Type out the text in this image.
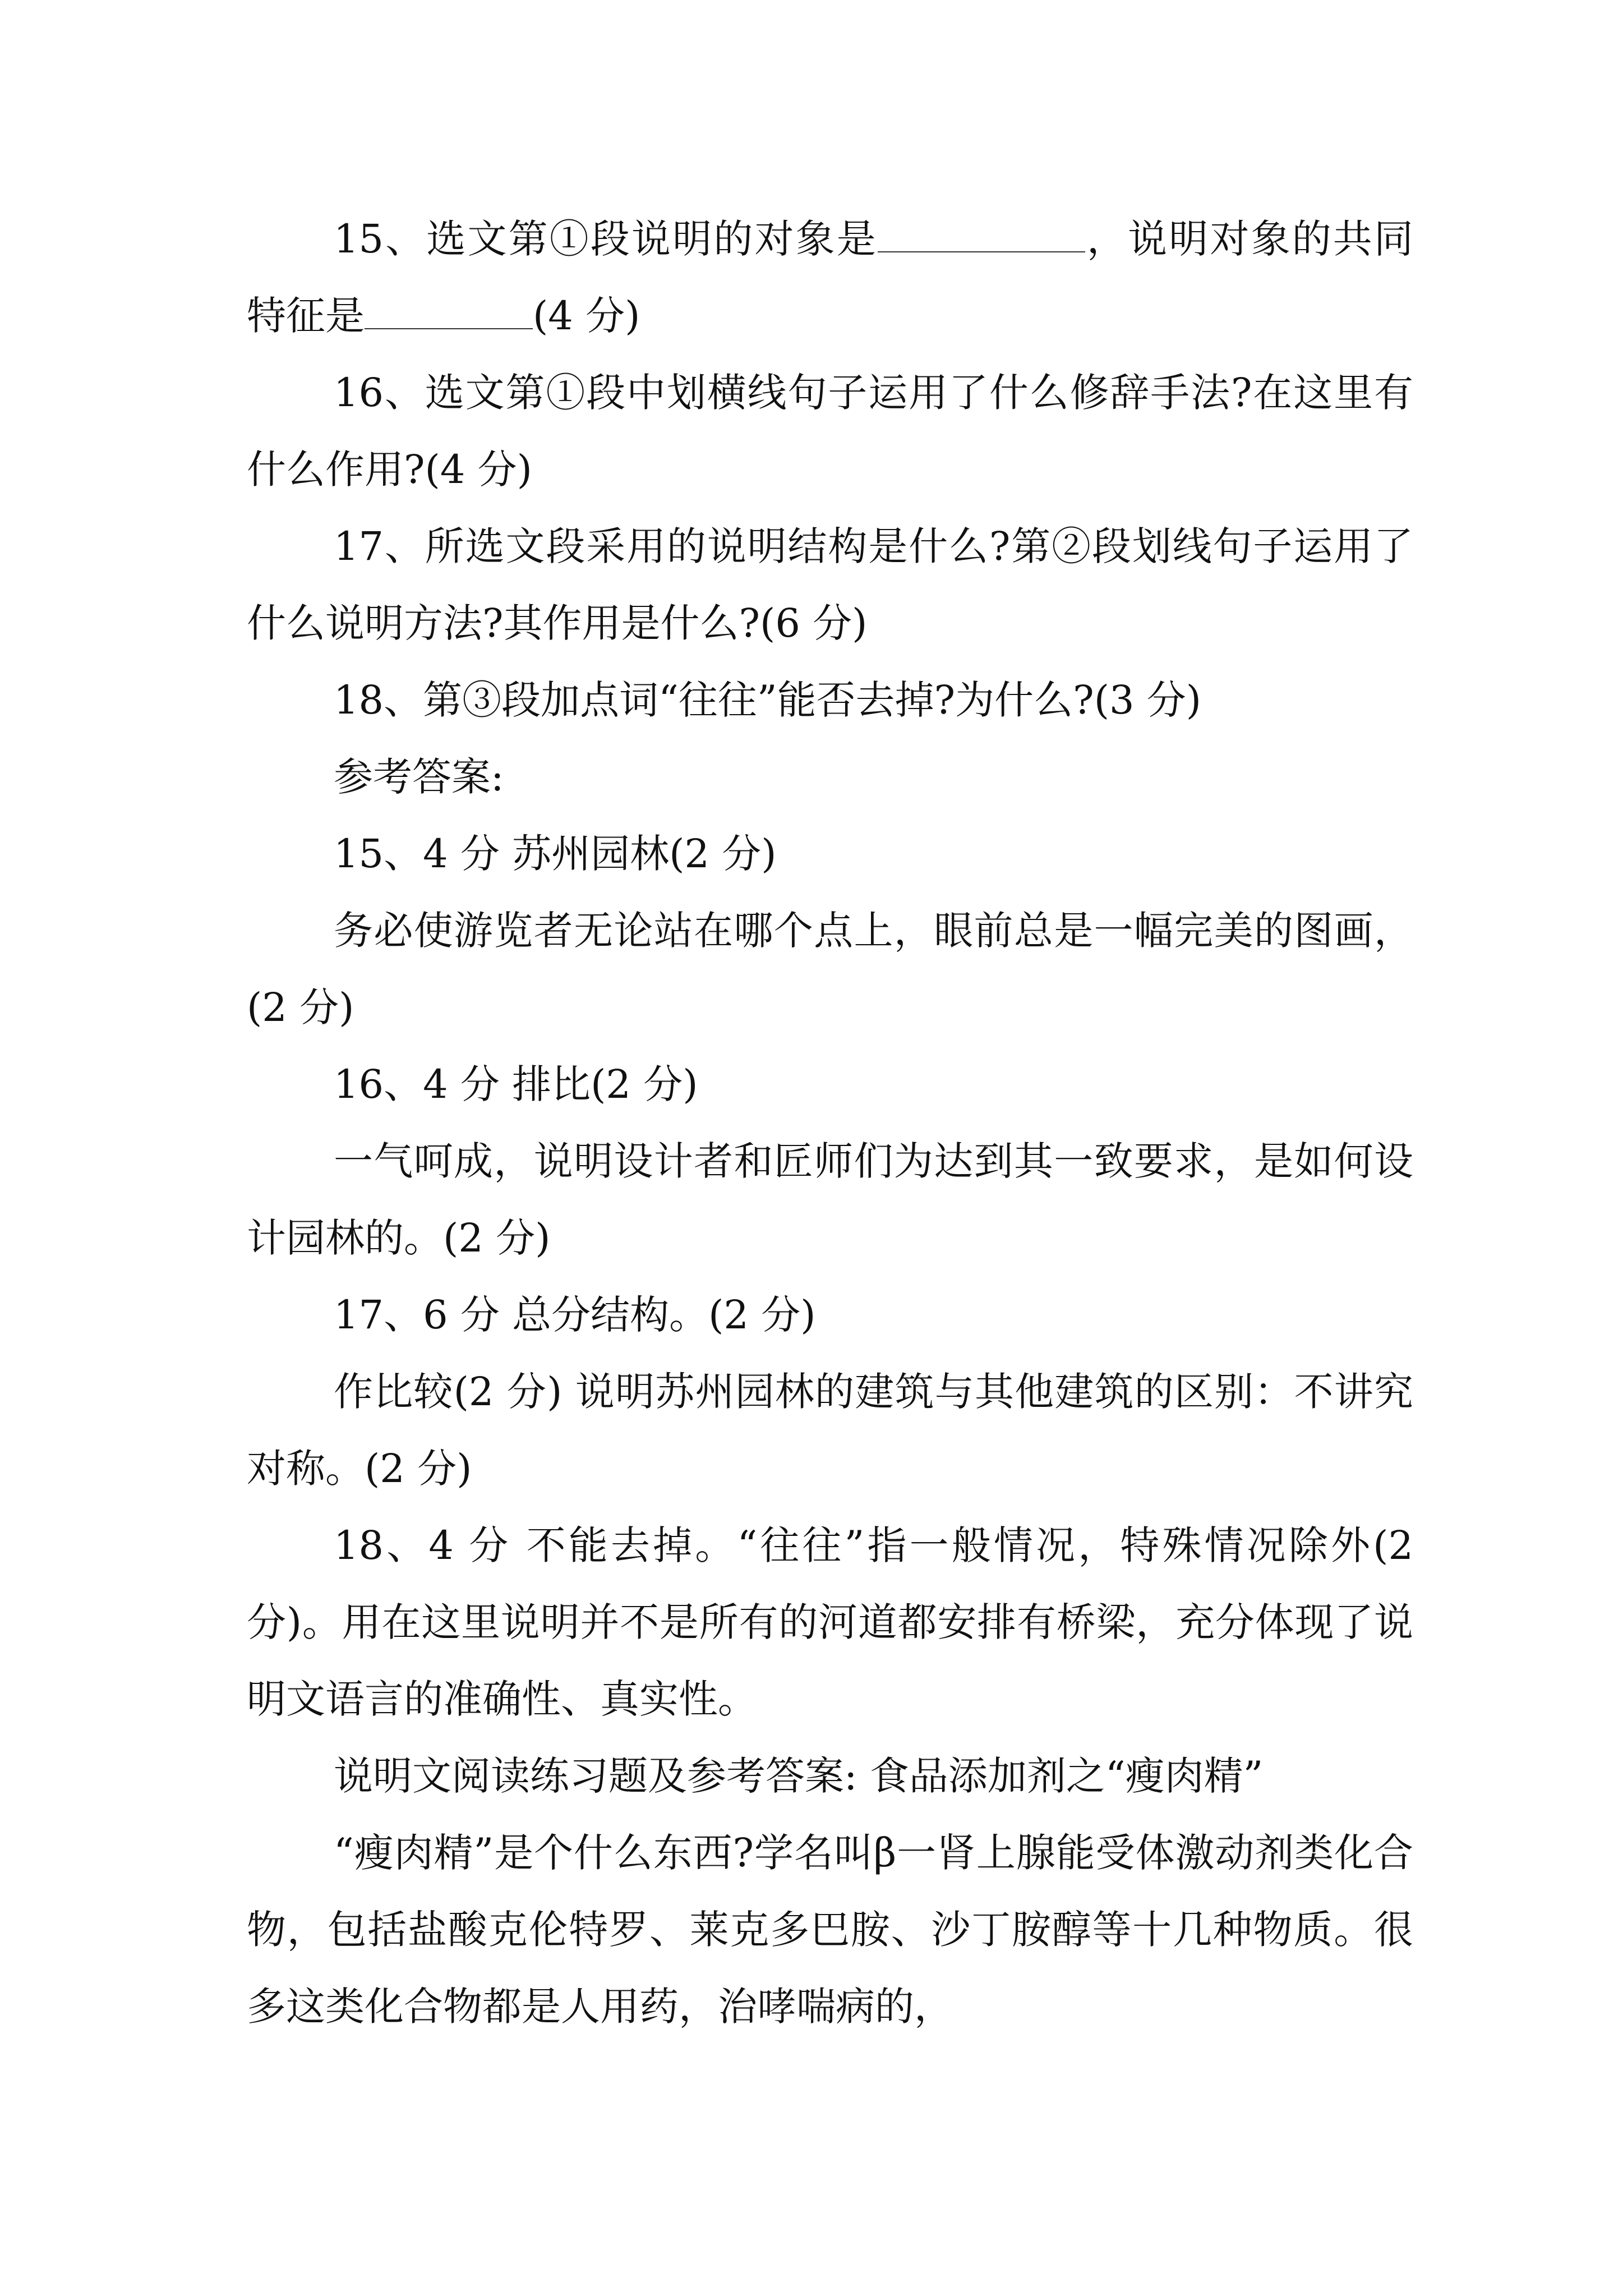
15、选文第①段说明的对象是	，说明对象的共同特征是	(4 分)

16、选文第①段中划横线句子运用了什么修辞手法?在这里有什么作用?(4 分)

17、所选文段采用的说明结构是什么?第②段划线句子运用了什么说明方法?其作用是什么?(6 分)

18、第③段加点词“往往”能否去掉?为什么?(3 分)

参考答案:

15、4 分 苏州园林(2 分)

务必使游览者无论站在哪个点上，眼前总是一幅完美的图画，(2 分)

16、4 分 排比(2 分)

一气呵成，说明设计者和匠师们为达到其一致要求，是如何设计园林的。(2 分)

17、6 分 总分结构。(2 分)

作比较(2 分) 说明苏州园林的建筑与其他建筑的区别：不讲究对称。(2 分)

18、4 分 不能去掉。“往往”指一般情况，特殊情况除外(2 分)。用在这里说明并不是所有的河道都安排有桥梁，充分体现了说明文语言的准确性、真实性。

说明文阅读练习题及参考答案: 食品添加剂之“瘦肉精”

“瘦肉精”是个什么东西?学名叫β一肾上腺能受体激动剂类化合物，包括盐酸克伦特罗、莱克多巴胺、沙丁胺醇等十几种物质。很多这类化合物都是人用药，治哮喘病的，
